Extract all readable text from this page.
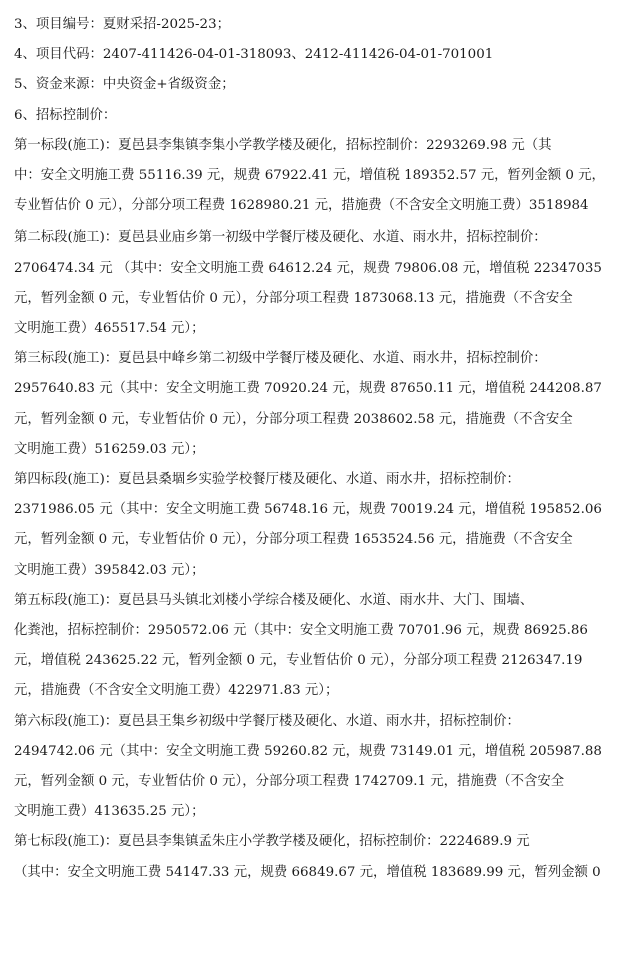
3、项目编号：夏财采招-2025-23；
4、项目代码：2407-411426-04-01-318093、2412-411426-04-01-701001
5、资金来源：中央资金+省级资金；
6、招标控制价：
第一标段(施工)：夏邑县李集镇李集小学教学楼及硬化，招标控制价：2293269.98 元（其
中：安全文明施工费 55116.39 元，规费 67922.41 元，增值税 189352.57 元，暂列金额 0 元，
专业暂估价 0 元），分部分项工程费 1628980.21 元，措施费（不含安全文明施工费）3518984
第二标段(施工)：夏邑县业庙乡第一初级中学餐厅楼及硬化、水道、雨水井，招标控制价：
2706474.34 元 （其中：安全文明施工费 64612.24 元，规费 79806.08 元，增值税 22347035
元，暂列金额 0 元，专业暂估价 0 元），分部分项工程费 1873068.13 元，措施费（不含安全
文明施工费）465517.54 元）；
第三标段(施工)：夏邑县中峰乡第二初级中学餐厅楼及硬化、水道、雨水井，招标控制价：
2957640.83 元（其中：安全文明施工费 70920.24 元，规费 87650.11 元，增值税 244208.87
元，暂列金额 0 元，专业暂估价 0 元），分部分项工程费 2038602.58 元，措施费（不含安全
文明施工费）516259.03 元）；
第四标段(施工)：夏邑县桑堌乡实验学校餐厅楼及硬化、水道、雨水井，招标控制价：
2371986.05 元（其中：安全文明施工费 56748.16 元，规费 70019.24 元，增值税 195852.06
元，暂列金额 0 元，专业暂估价 0 元），分部分项工程费 1653524.56 元，措施费（不含安全
文明施工费）395842.03 元）；
第五标段(施工)：夏邑县马头镇北刘楼小学综合楼及硬化、水道、雨水井、大门、围墙、
化粪池，招标控制价：2950572.06 元（其中：安全文明施工费 70701.96 元，规费 86925.86
元，增值税 243625.22 元，暂列金额 0 元，专业暂估价 0 元），分部分项工程费 2126347.19
元，措施费（不含安全文明施工费）422971.83 元）；
第六标段(施工)：夏邑县王集乡初级中学餐厅楼及硬化、水道、雨水井，招标控制价：
2494742.06 元（其中：安全文明施工费 59260.82 元，规费 73149.01 元，增值税 205987.88
元，暂列金额 0 元，专业暂估价 0 元），分部分项工程费 1742709.1 元，措施费（不含安全
文明施工费）413635.25 元）；
第七标段(施工)：夏邑县李集镇孟朱庄小学教学楼及硬化，招标控制价：2224689.9 元
（其中：安全文明施工费 54147.33 元，规费 66849.67 元，增值税 183689.99 元，暂列金额 0
